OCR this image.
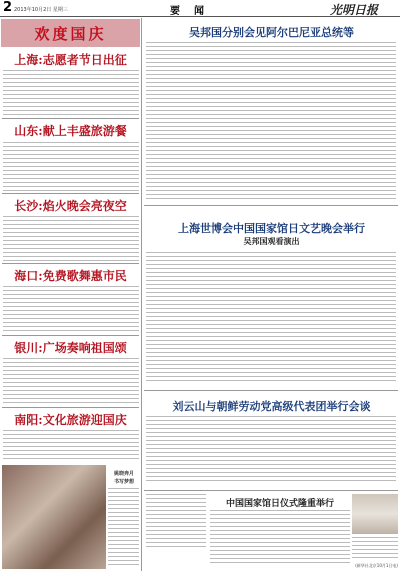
2 2013年10月2日 星期三	要闻	光明日报
欢度国庆
上海:志愿者节日出征
山东:献上丰盛旅游餐
长沙:焰火晚会亮夜空
海口:免费歌舞惠市民
银川:广场奏响祖国颂
南阳:文化旅游迎国庆
姚晓奔月
书写梦想
吴邦国分别会见阿尔巴尼亚总统等
上海世博会中国国家馆日文艺晚会举行
吴邦国观看演出
刘云山与朝鲜劳动党高级代表团举行会谈
中国国家馆日仪式隆重举行
(新华社北京10月1日电)
